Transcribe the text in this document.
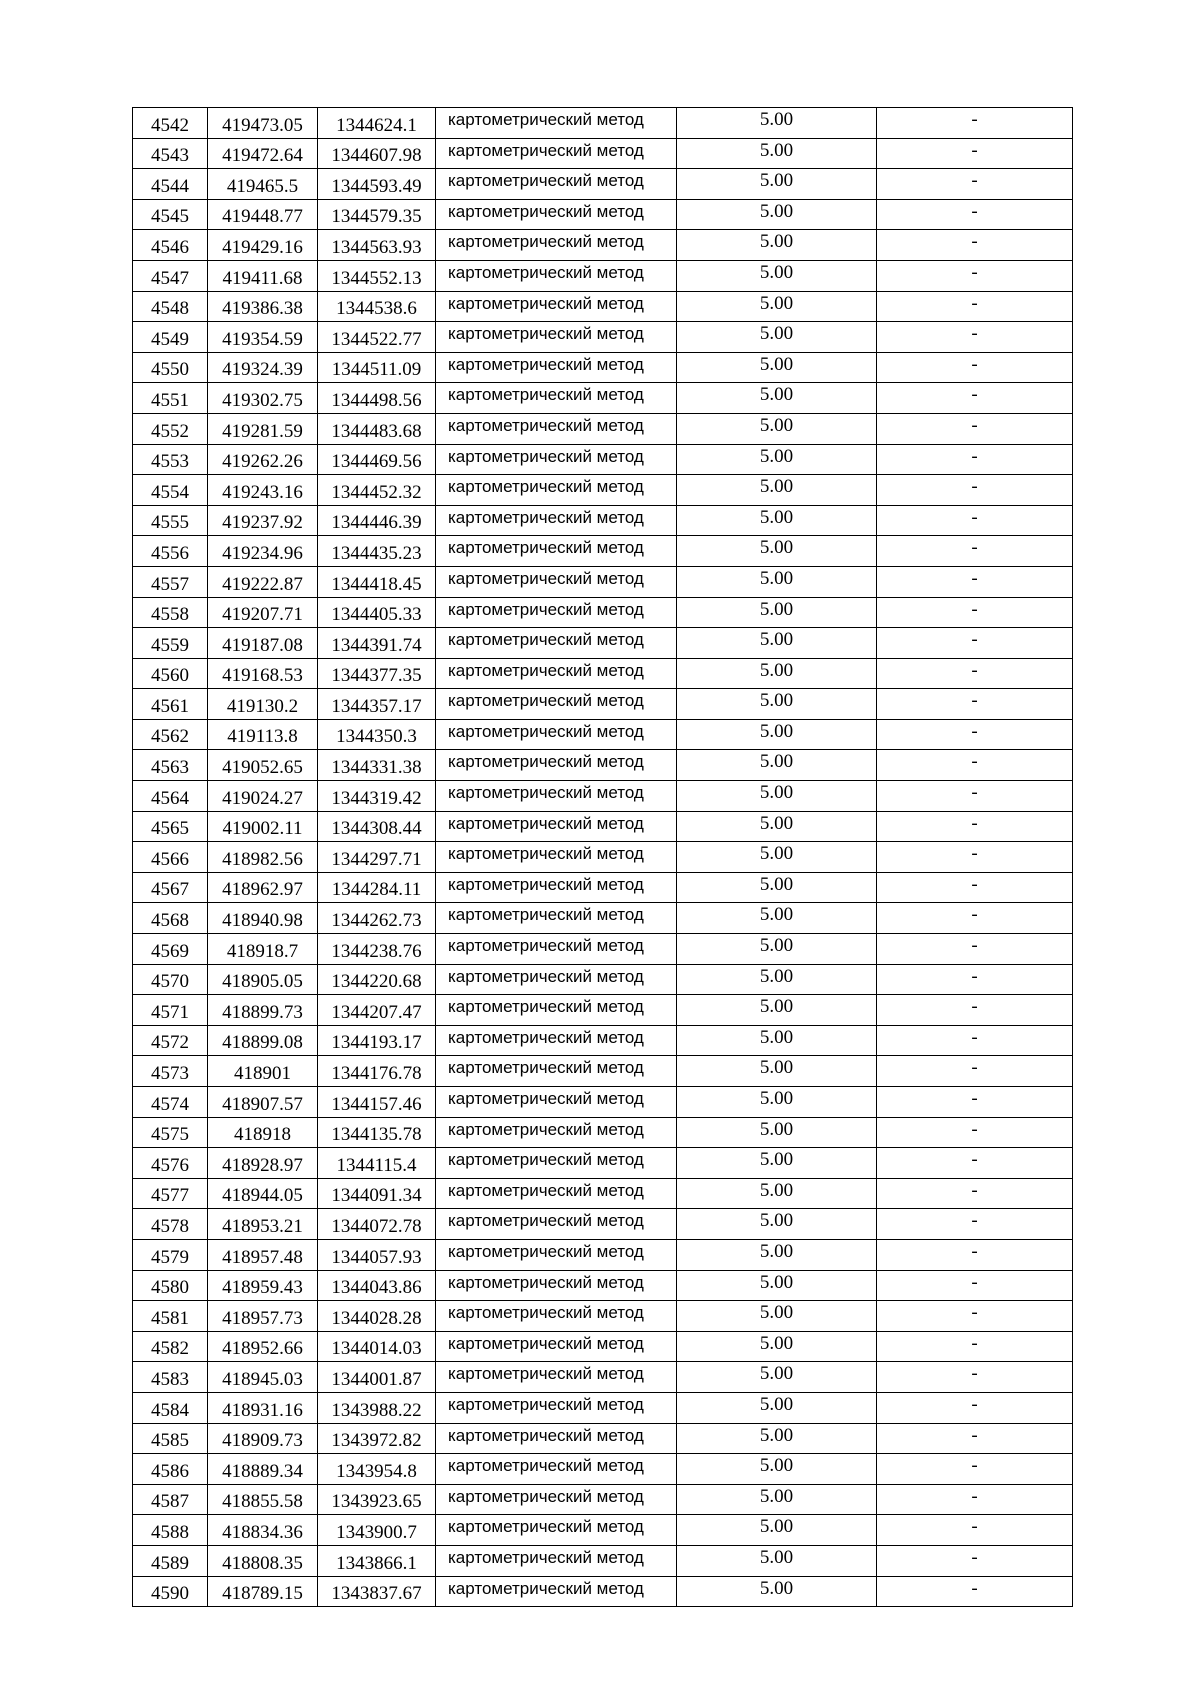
4542	419473.05	1344624.1	картометрический метод	5.00	-
4543	419472.64	1344607.98	картометрический метод	5.00	-
4544	419465.5	1344593.49	картометрический метод	5.00	-
4545	419448.77	1344579.35	картометрический метод	5.00	-
4546	419429.16	1344563.93	картометрический метод	5.00	-
4547	419411.68	1344552.13	картометрический метод	5.00	-
4548	419386.38	1344538.6	картометрический метод	5.00	-
4549	419354.59	1344522.77	картометрический метод	5.00	-
4550	419324.39	1344511.09	картометрический метод	5.00	-
4551	419302.75	1344498.56	картометрический метод	5.00	-
4552	419281.59	1344483.68	картометрический метод	5.00	-
4553	419262.26	1344469.56	картометрический метод	5.00	-
4554	419243.16	1344452.32	картометрический метод	5.00	-
4555	419237.92	1344446.39	картометрический метод	5.00	-
4556	419234.96	1344435.23	картометрический метод	5.00	-
4557	419222.87	1344418.45	картометрический метод	5.00	-
4558	419207.71	1344405.33	картометрический метод	5.00	-
4559	419187.08	1344391.74	картометрический метод	5.00	-
4560	419168.53	1344377.35	картометрический метод	5.00	-
4561	419130.2	1344357.17	картометрический метод	5.00	-
4562	419113.8	1344350.3	картометрический метод	5.00	-
4563	419052.65	1344331.38	картометрический метод	5.00	-
4564	419024.27	1344319.42	картометрический метод	5.00	-
4565	419002.11	1344308.44	картометрический метод	5.00	-
4566	418982.56	1344297.71	картометрический метод	5.00	-
4567	418962.97	1344284.11	картометрический метод	5.00	-
4568	418940.98	1344262.73	картометрический метод	5.00	-
4569	418918.7	1344238.76	картометрический метод	5.00	-
4570	418905.05	1344220.68	картометрический метод	5.00	-
4571	418899.73	1344207.47	картометрический метод	5.00	-
4572	418899.08	1344193.17	картометрический метод	5.00	-
4573	418901	1344176.78	картометрический метод	5.00	-
4574	418907.57	1344157.46	картометрический метод	5.00	-
4575	418918	1344135.78	картометрический метод	5.00	-
4576	418928.97	1344115.4	картометрический метод	5.00	-
4577	418944.05	1344091.34	картометрический метод	5.00	-
4578	418953.21	1344072.78	картометрический метод	5.00	-
4579	418957.48	1344057.93	картометрический метод	5.00	-
4580	418959.43	1344043.86	картометрический метод	5.00	-
4581	418957.73	1344028.28	картометрический метод	5.00	-
4582	418952.66	1344014.03	картометрический метод	5.00	-
4583	418945.03	1344001.87	картометрический метод	5.00	-
4584	418931.16	1343988.22	картометрический метод	5.00	-
4585	418909.73	1343972.82	картометрический метод	5.00	-
4586	418889.34	1343954.8	картометрический метод	5.00	-
4587	418855.58	1343923.65	картометрический метод	5.00	-
4588	418834.36	1343900.7	картометрический метод	5.00	-
4589	418808.35	1343866.1	картометрический метод	5.00	-
4590	418789.15	1343837.67	картометрический метод	5.00	-
